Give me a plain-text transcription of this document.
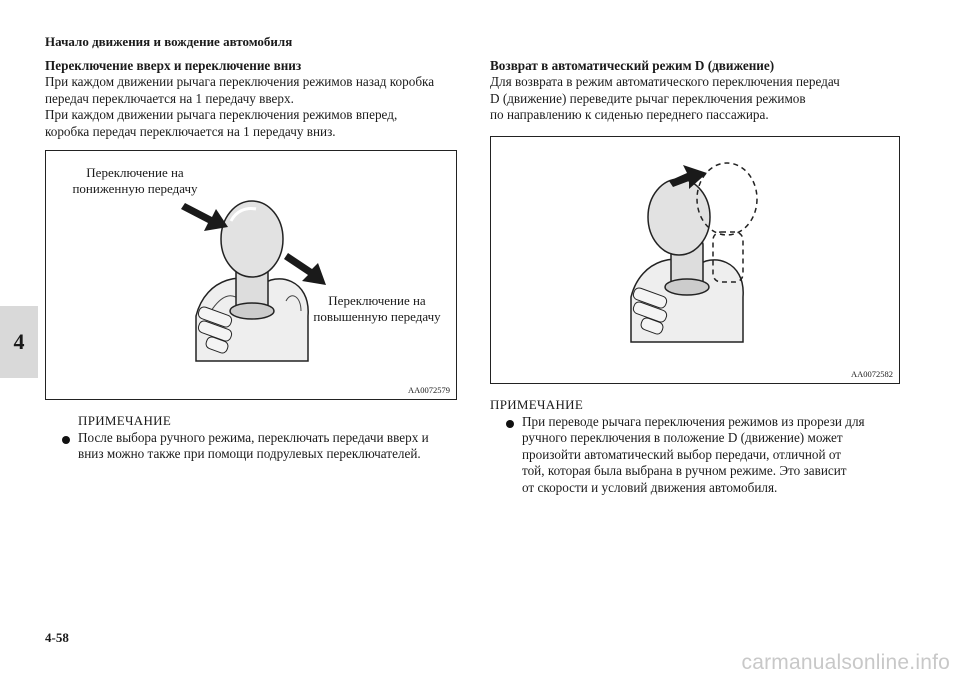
Начало движения и вождение автомобиля
4
Переключение вверх и переключение вниз
При каждом движении рычага переключения режимов назад коробка
передач переключается на 1 передачу вверх.
При каждом движении рычага переключения режимов вперед,
коробка передач переключается на 1 передачу вниз.
Переключение на
пониженную передачу
Переключение на
повышенную передачу
AA0072579
ПРИМЕЧАНИЕ
После выбора ручного режима, переключать передачи вверх и
вниз можно также при помощи подрулевых переключателей.
Возврат в автоматический режим D (движение)
Для возврата в режим автоматического переключения передач
D (движение) переведите рычаг переключения режимов
по направлению к сиденью переднего пассажира.
AA0072582
ПРИМЕЧАНИЕ
При переводе рычага переключения режимов из прорези для
ручного переключения в положение D (движение) может
произойти автоматический выбор передачи, отличной от
той, которая была выбрана в ручном режиме. Это зависит
от скорости и условий движения автомобиля.
4-58
carmanualsonline.info
